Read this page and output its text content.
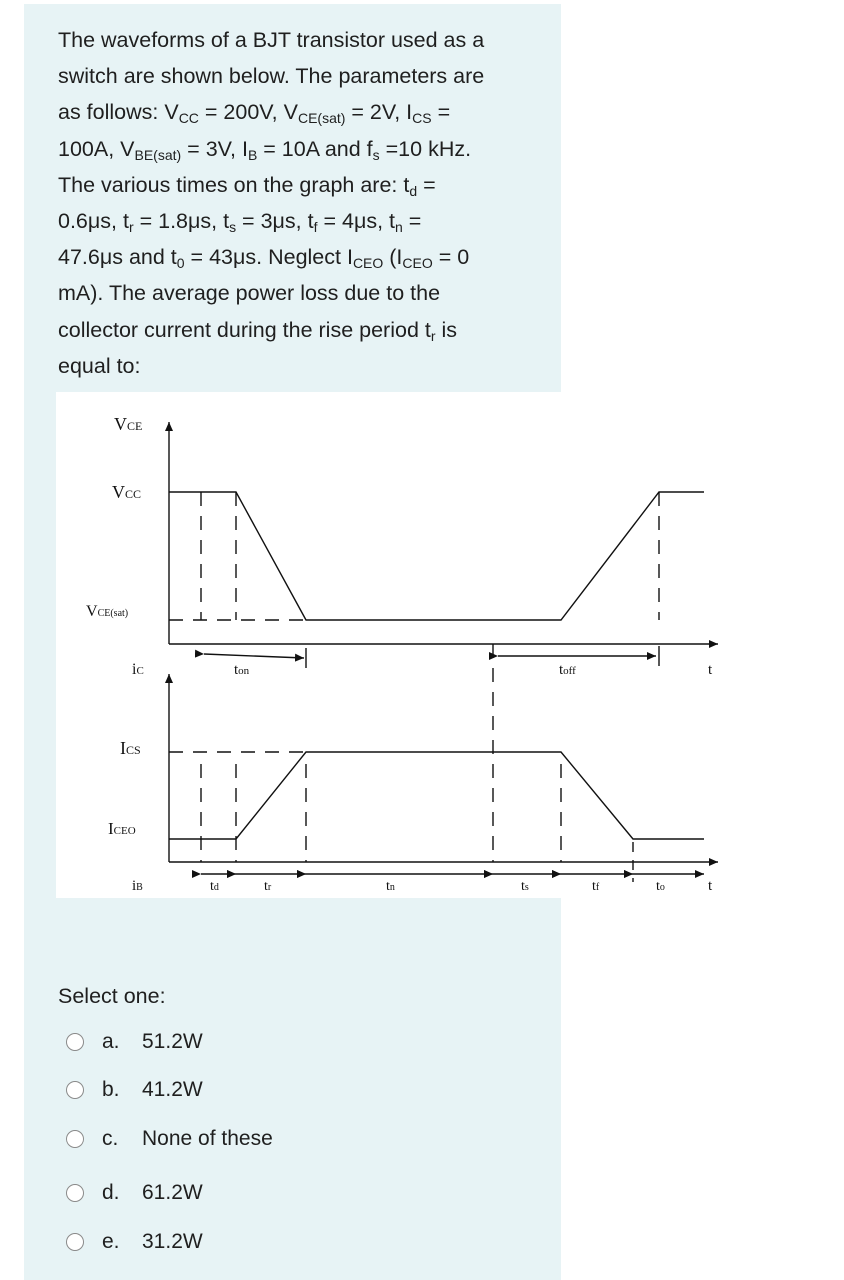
The waveforms of a BJT transistor used as a
switch are shown below. The parameters are
as follows: $V_{CC} = 200V$, $V_{CE(sat)} = 2V$, $I_{CS}$ =
100A, $V_{BE(sat)} = 3V$, $I_B = 10A$ and $f_s =10$ kHz.
The various times on the graph are: $t_d$ =
0.6μs, $t_r = 1.8\mu s$, $t_s = 3\mu s$, $t_f = 4\mu s$, $t_n$ =
47.6μs and $t_0 = 43\mu s$. Neglect $I_{CEO}$ ($I_{CEO} = 0$
mA). The average power loss due to the
collector current during the rise period $t_r$ is
equal to:
VCE
VCC
VCE(sat)
iC	ton	toff	t
ICS
ICEO
iB	td	tr	tn	ts	tf	to	t
Select one:
a.	51.2W
b.	41.2W
c.	None of these
d.	61.2W
e.	31.2W
